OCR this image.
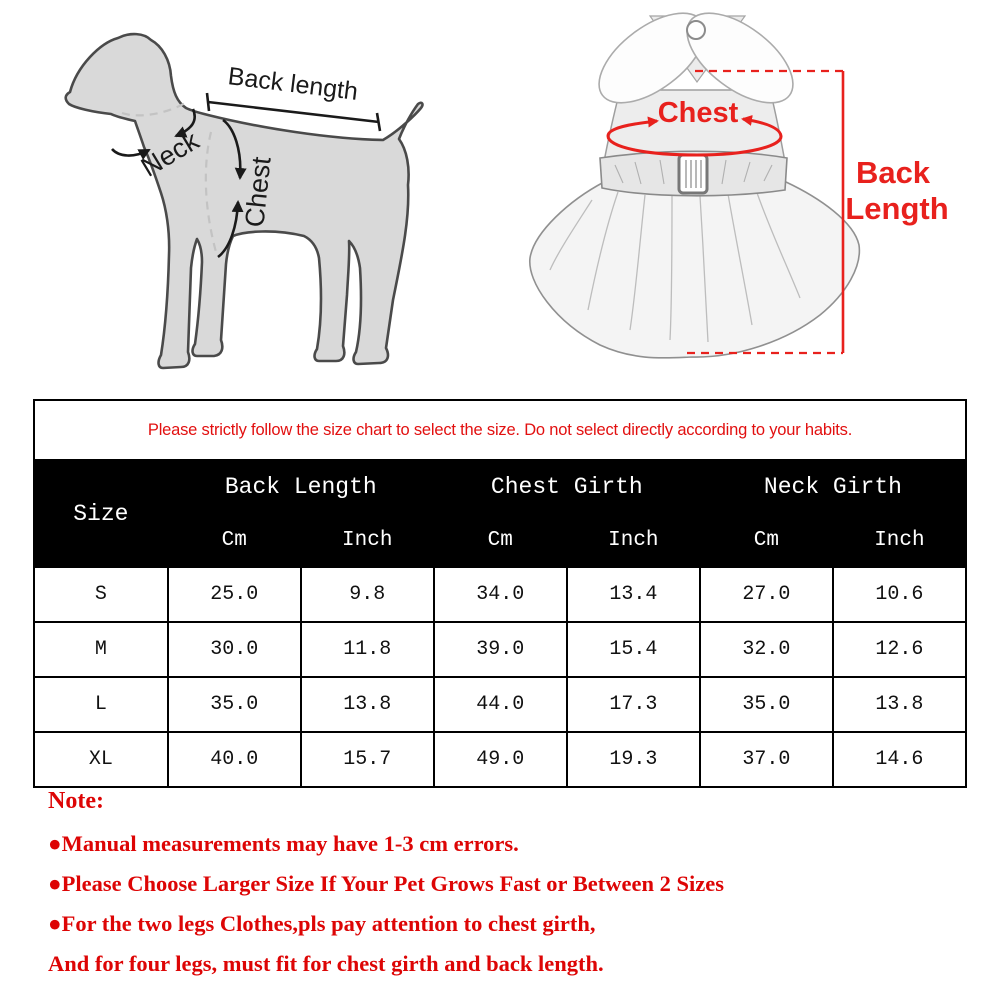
Back length
Neck
Chest
Chest
Back
Length
Please strictly follow the size chart to select the size. Do not select directly according to your habits.						
Size	Back Length		Chest Girth		Neck Girth	
	Cm	Inch	Cm	Inch	Cm	Inch
S	25.0	9.8	34.0	13.4	27.0	10.6
M	30.0	11.8	39.0	15.4	32.0	12.6
L	35.0	13.8	44.0	17.3	35.0	13.8
XL	40.0	15.7	49.0	19.3	37.0	14.6

Note:

●Manual measurements may have 1-3 cm errors.

●Please Choose Larger Size If Your Pet Grows Fast or Between 2 Sizes

●For the two legs Clothes,pls pay attention to chest girth,

And for four legs, must fit for chest girth and back length.
